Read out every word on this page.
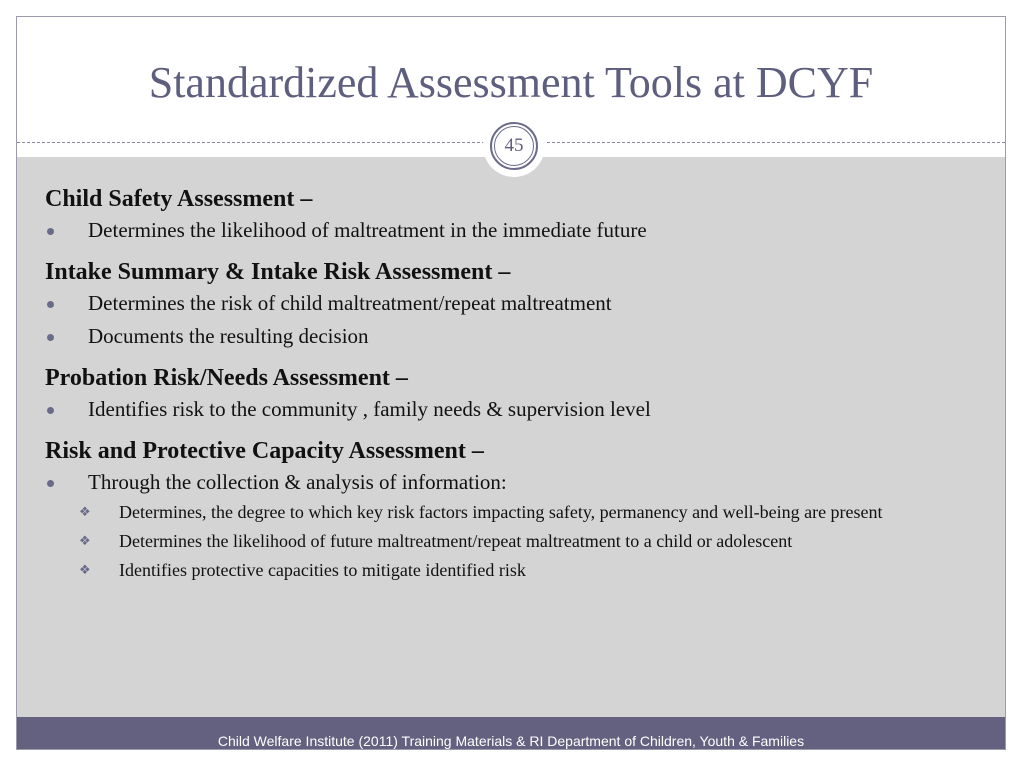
Standardized Assessment Tools at DCYF
45
Child Safety Assessment –
Determines the likelihood of maltreatment in the immediate future
Intake Summary & Intake Risk Assessment –
Determines the risk of child maltreatment/repeat maltreatment
Documents the resulting decision
Probation Risk/Needs Assessment –
Identifies risk to the community , family needs & supervision level
Risk and Protective Capacity Assessment –
Through the collection & analysis of information:
❖ Determines, the degree to which key risk factors impacting safety, permanency and well-being are present
❖ Determines the likelihood of future maltreatment/repeat maltreatment to a child or adolescent
❖ Identifies protective capacities to mitigate identified risk
Child Welfare Institute (2011) Training Materials & RI Department of Children, Youth & Families
